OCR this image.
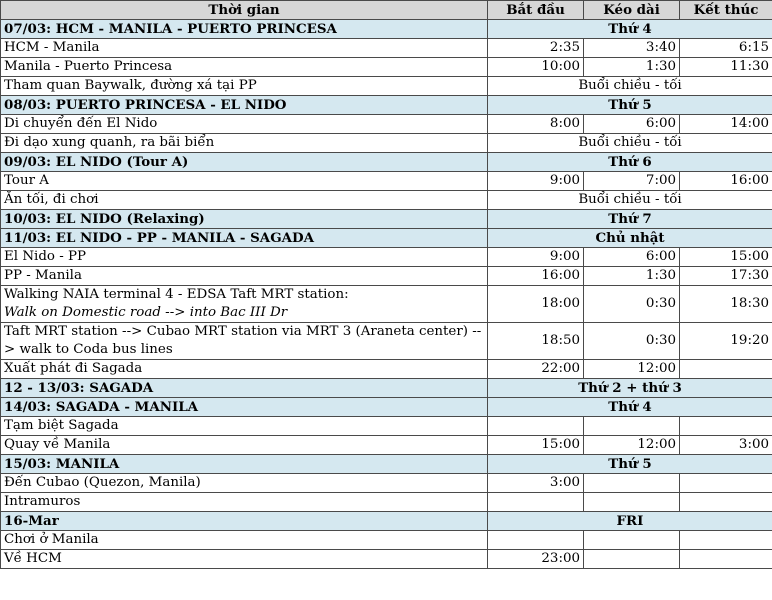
Thời gian	Bắt đầu	Kéo dài	Kết thúc
07/03: HCM - MANILA - PUERTO PRINCESA	Thứ 4		
HCM - Manila	2:35	3:40	6:15
Manila - Puerto Princesa	10:00	1:30	11:30
Tham quan Baywalk, đường xá tại PP	Buổi chiều - tối		
08/03: PUERTO PRINCESA - EL NIDO	Thứ 5		
Di chuyển đến El Nido	8:00	6:00	14:00
Đi dạo xung quanh, ra bãi biển	Buổi chiều - tối		
09/03: EL NIDO (Tour A)	Thứ 6		
Tour A	9:00	7:00	16:00
Ăn tối, đi chơi	Buổi chiều - tối		
10/03: EL NIDO (Relaxing)	Thứ 7		
11/03: EL NIDO - PP - MANILA - SAGADA	Chủ nhật		
El Nido - PP	9:00	6:00	15:00
PP - Manila	16:00	1:30	17:30
Walking NAIA terminal 4 - EDSA Taft MRT station:
Walk on Domestic road --> into Bac III Dr	18:00	0:30	18:30
Taft MRT station --> Cubao MRT station via MRT 3 (Araneta center) --> walk to Coda bus lines	18:50	0:30	19:20
Xuất phát đi Sagada	22:00	12:00	
12 - 13/03: SAGADA	Thứ 2 + thứ 3		
14/03: SAGADA - MANILA	Thứ 4		
Tạm biệt Sagada			
Quay về Manila	15:00	12:00	3:00
15/03: MANILA	Thứ 5		
Đến Cubao (Quezon, Manila)	3:00		
Intramuros			
16-Mar	FRI		
Chơi ở Manila			
Về HCM	23:00		
